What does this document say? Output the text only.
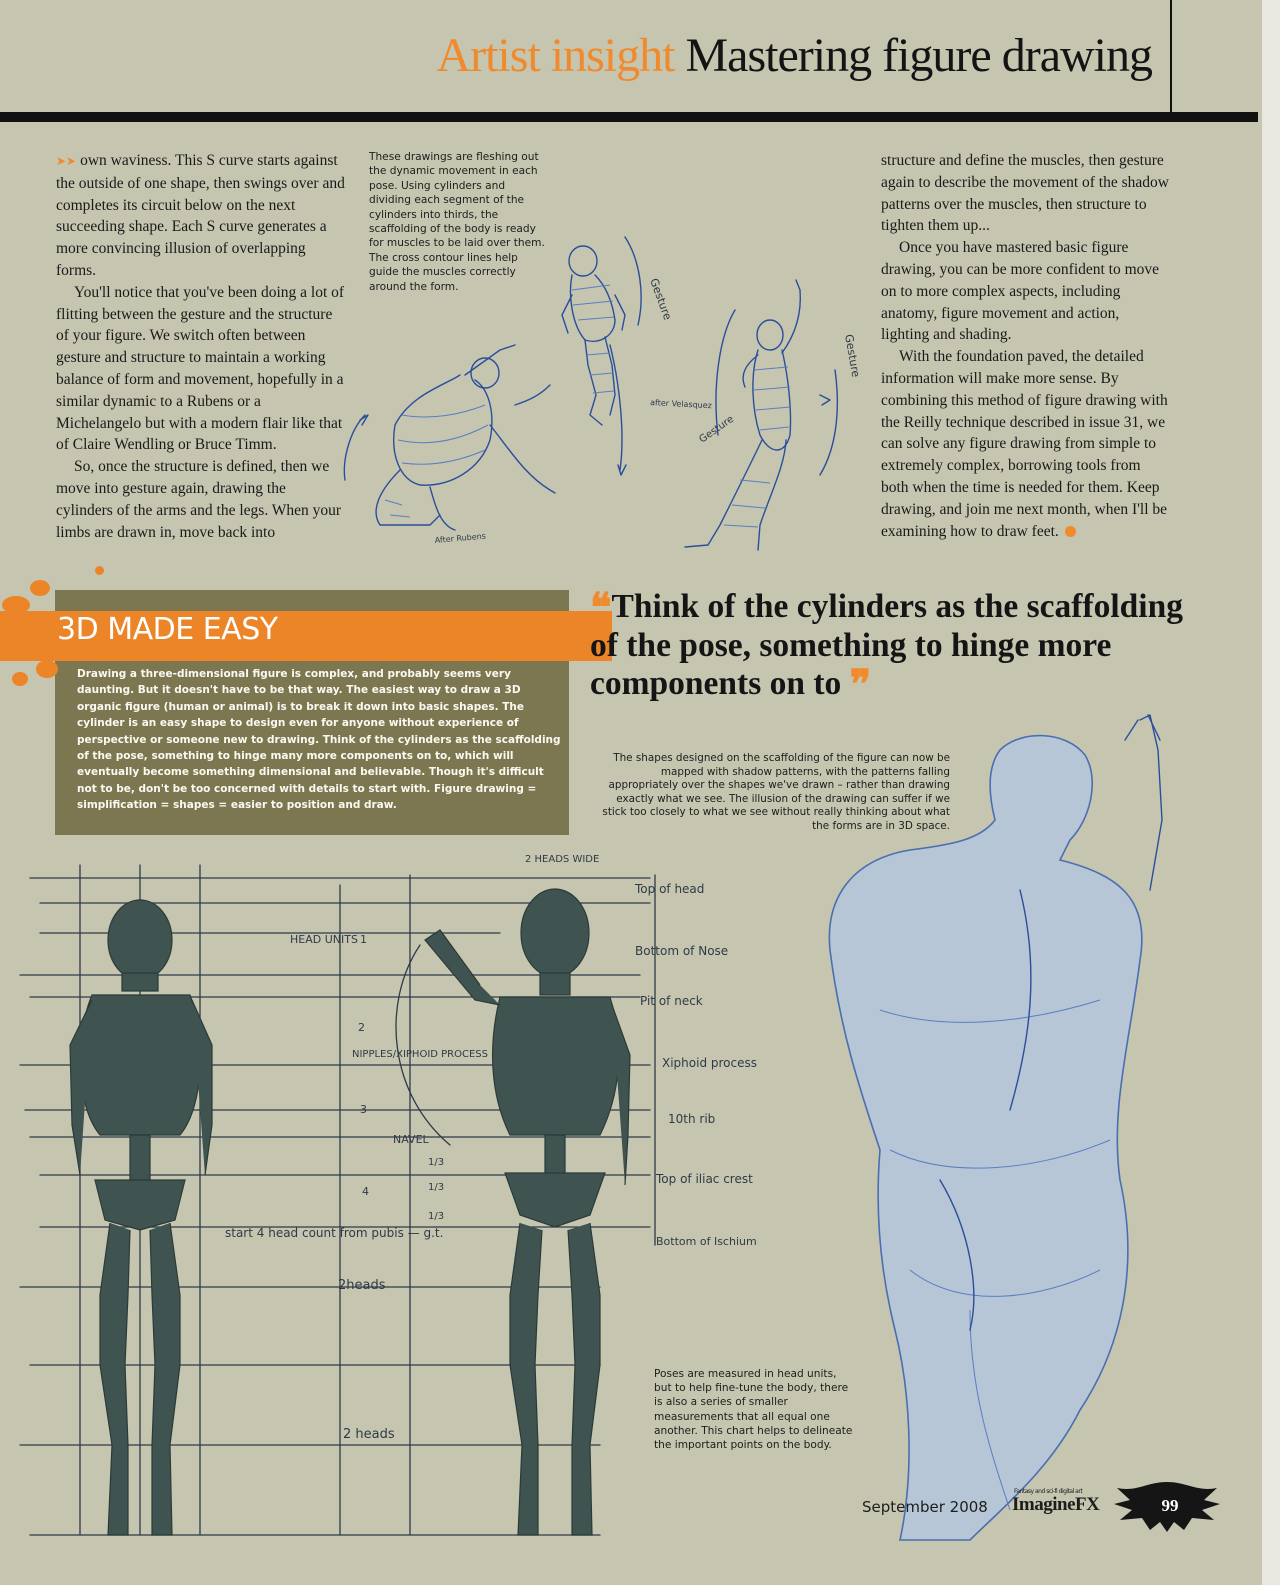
Artist insight Mastering figure drawing

➤➤ own waviness. This S curve starts against the outside of one shape, then swings over and completes its circuit below on the next succeeding shape. Each S curve generates a more convincing illusion of overlapping forms.

You'll notice that you've been doing a lot of flitting between the gesture and the structure of your figure. We switch often between gesture and structure to maintain a working balance of form and movement, hopefully in a similar dynamic to a Rubens or a Michelangelo but with a modern flair like that of Claire Wendling or Bruce Timm.

So, once the structure is defined, then we move into gesture again, drawing the cylinders of the arms and the legs. When your limbs are drawn in, move back into

structure and define the muscles, then gesture again to describe the movement of the shadow patterns over the muscles, then structure to tighten them up...

Once you have mastered basic figure drawing, you can be more confident to move on to more complex aspects, including anatomy, figure movement and action, lighting and shading.

With the foundation paved, the detailed information will make more sense. By combining this method of figure drawing with the Reilly technique described in issue 31, we can solve any figure drawing from simple to extremely complex, borrowing tools from both when the time is needed for them. Keep drawing, and join me next month, when I'll be examining how to draw feet.

These drawings are fleshing out the dynamic movement in each pose. Using cylinders and dividing each segment of the cylinders into thirds, the scaffolding of the body is ready for muscles to be laid over them. The cross contour lines help guide the muscles correctly around the form.
After Rubens
Gesture
after Velasquez
Gesture
Gesture
3D MADE EASY
Drawing a three-dimensional figure is complex, and probably seems very daunting. But it doesn't have to be that way. The easiest way to draw a 3D organic figure (human or animal) is to break it down into basic shapes. The cylinder is an easy shape to design even for anyone without experience of perspective or someone new to drawing. Think of the cylinders as the scaffolding of the pose, something to hinge many more components on to, which will eventually become something dimensional and believable. Though it's difficult not to be, don't be too concerned with details to start with. Figure drawing = simplification = shapes = easier to position and draw.
❝Think of the cylinders as the scaffolding of the pose, something to hinge more components on to ❞
The shapes designed on the scaffolding of the figure can now be mapped with shadow patterns, with the patterns falling appropriately over the shapes we've drawn – rather than drawing exactly what we see. The illusion of the drawing can suffer if we stick too closely to what we see without really thinking about what the forms are in 3D space.
2 HEADS WIDE
Top of head
Bottom of Nose
Pit of neck
Xiphoid process
10th rib
Top of iliac crest
Bottom of Ischium
HEAD UNITS
NIPPLES/XIPHOID PROCESS
NAVEL
1/3
1/3
1/3
start 4 head count from pubis — g.t.
2heads
2 heads
1
2
3
4
Poses are measured in head units, but to help fine-tune the body, there is also a series of smaller measurements that all equal one another. This chart helps to delineate the important points on the body.
September 2008
Fantasy and sci-fi digital art
ImagineFX	99
